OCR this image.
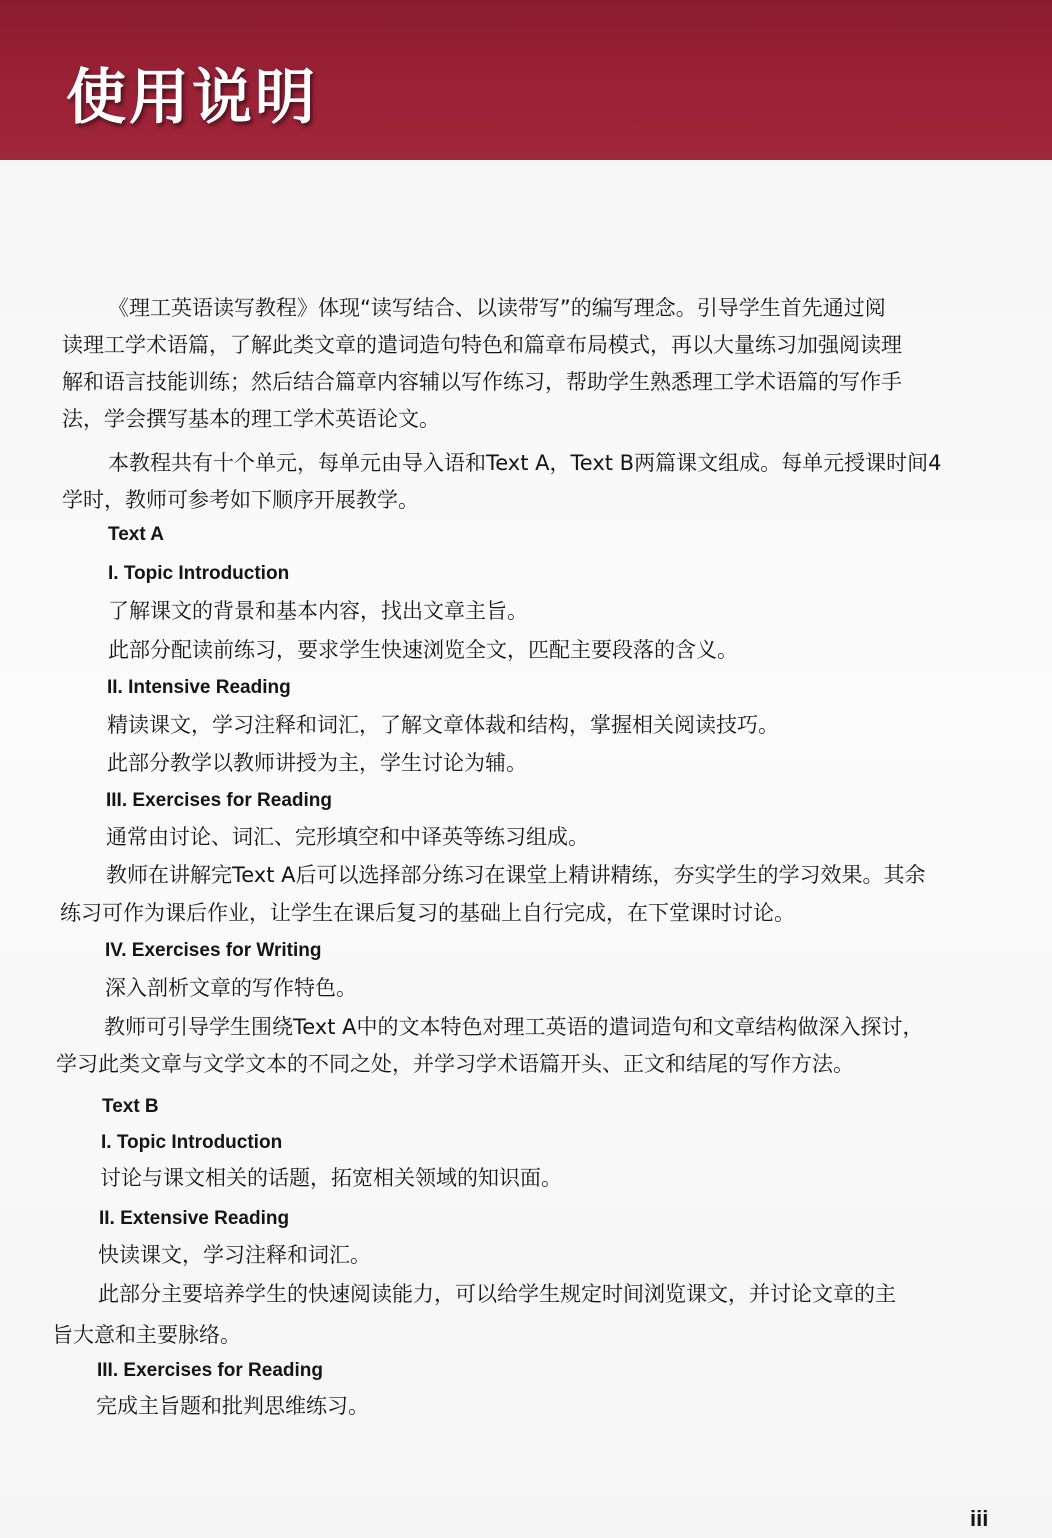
使用说明
《理工英语读写教程》体现“读写结合、以读带写”的编写理念。引导学生首先通过阅
读理工学术语篇，了解此类文章的遣词造句特色和篇章布局模式，再以大量练习加强阅读理
解和语言技能训练；然后结合篇章内容辅以写作练习，帮助学生熟悉理工学术语篇的写作手
法，学会撰写基本的理工学术英语论文。
本教程共有十个单元，每单元由导入语和Text A，Text B两篇课文组成。每单元授课时间4
学时，教师可参考如下顺序开展教学。
Text A
I. Topic Introduction
了解课文的背景和基本内容，找出文章主旨。
此部分配读前练习，要求学生快速浏览全文，匹配主要段落的含义。
II. Intensive Reading
精读课文，学习注释和词汇，了解文章体裁和结构，掌握相关阅读技巧。
此部分教学以教师讲授为主，学生讨论为辅。
III. Exercises for Reading
通常由讨论、词汇、完形填空和中译英等练习组成。
教师在讲解完Text A后可以选择部分练习在课堂上精讲精练，夯实学生的学习效果。其余
练习可作为课后作业，让学生在课后复习的基础上自行完成，在下堂课时讨论。
IV. Exercises for Writing
深入剖析文章的写作特色。
教师可引导学生围绕Text A中的文本特色对理工英语的遣词造句和文章结构做深入探讨，
学习此类文章与文学文本的不同之处，并学习学术语篇开头、正文和结尾的写作方法。
Text B
I. Topic Introduction
讨论与课文相关的话题，拓宽相关领域的知识面。
II. Extensive Reading
快读课文，学习注释和词汇。
此部分主要培养学生的快速阅读能力，可以给学生规定时间浏览课文，并讨论文章的主
旨大意和主要脉络。
III. Exercises for Reading
完成主旨题和批判思维练习。
iii
